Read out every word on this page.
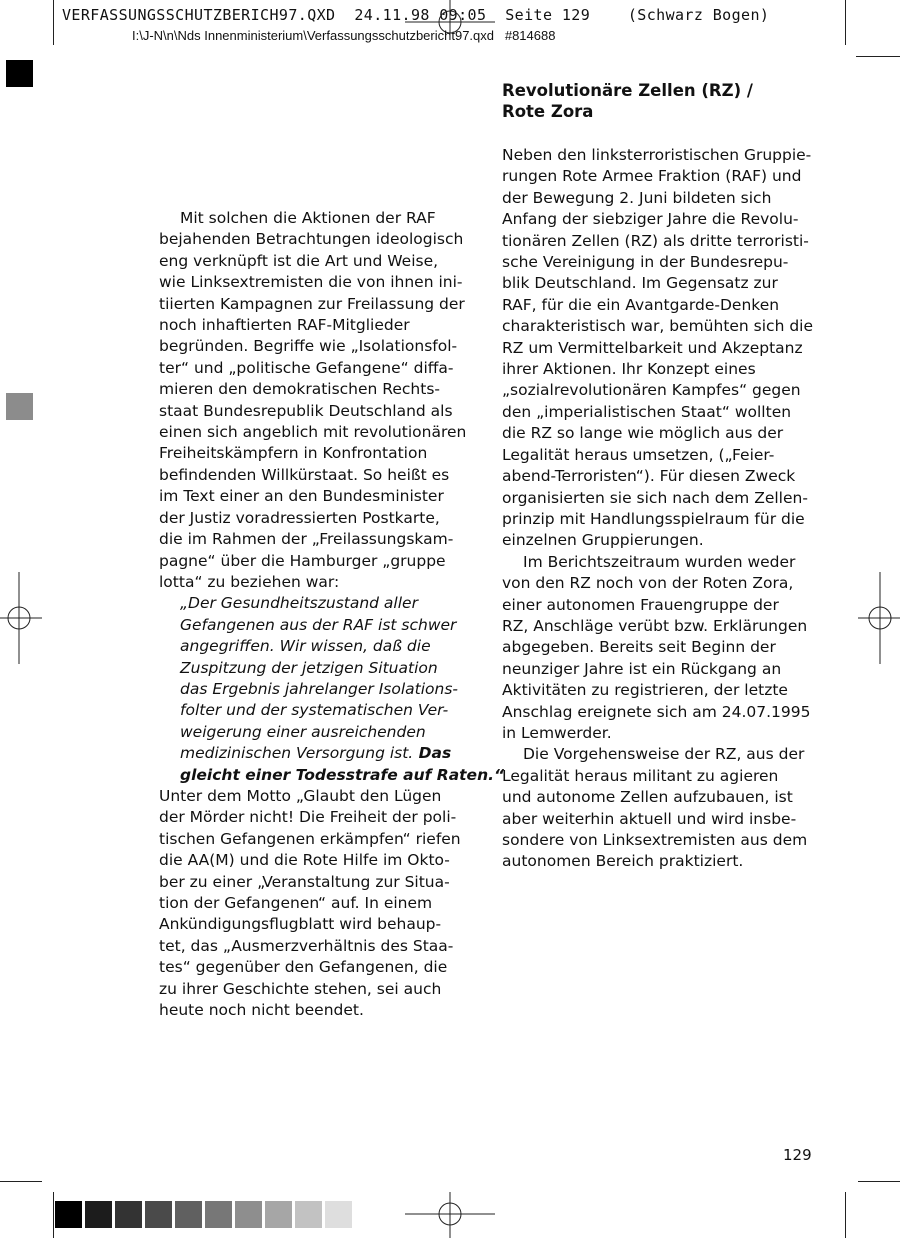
VERFASSUNGSSCHUTZBERICH97.QXD  24.11.98 09:05  Seite 129    (Schwarz Bogen)

I:\J-N\n\Nds Innenministerium\Verfassungsschutzbericht97.qxd   #814688

Mit solchen die Aktionen der RAF
bejahenden Betrachtungen ideologisch
eng verknüpft ist die Art und Weise,
wie Linksextremisten die von ihnen ini-
tiierten Kampagnen zur Freilassung der
noch inhaftierten RAF-Mitglieder
begründen. Begriffe wie „Isolationsfol-
ter“ und „politische Gefangene“ diffa-
mieren den demokratischen Rechts-
staat Bundesrepublik Deutschland als
einen sich angeblich mit revolutionären
Freiheitskämpfern in Konfrontation
befindenden Willkürstaat. So heißt es
im Text einer an den Bundesminister
der Justiz voradressierten Postkarte,
die im Rahmen der „Freilassungskam-
pagne“ über die Hamburger „gruppe
lotta“ zu beziehen war:
„Der Gesundheitszustand aller
Gefangenen aus der RAF ist schwer
angegriffen. Wir wissen, daß die
Zuspitzung der jetzigen Situation
das Ergebnis jahrelanger Isolations-
folter und der systematischen Ver-
weigerung einer ausreichenden
medizinischen Versorgung ist. Das
gleicht einer Todesstrafe auf Raten.“
Unter dem Motto „Glaubt den Lügen
der Mörder nicht! Die Freiheit der poli-
tischen Gefangenen erkämpfen“ riefen
die AA(M) und die Rote Hilfe im Okto-
ber zu einer „Veranstaltung zur Situa-
tion der Gefangenen“ auf. In einem
Ankündigungsflugblatt wird behaup-
tet, das „Ausmerzverhältnis des Staa-
tes“ gegenüber den Gefangenen, die
zu ihrer Geschichte stehen, sei auch
heute noch nicht beendet.
Revolutionäre Zellen (RZ) /
Rote Zora
Neben den linksterroristischen Gruppie-
rungen Rote Armee Fraktion (RAF) und
der Bewegung 2. Juni bildeten sich
Anfang der siebziger Jahre die Revolu-
tionären Zellen (RZ) als dritte terroristi-
sche Vereinigung in der Bundesrepu-
blik Deutschland. Im Gegensatz zur
RAF, für die ein Avantgarde-Denken
charakteristisch war, bemühten sich die
RZ um Vermittelbarkeit und Akzeptanz
ihrer Aktionen. Ihr Konzept eines
„sozialrevolutionären Kampfes“ gegen
den „imperialistischen Staat“ wollten
die RZ so lange wie möglich aus der
Legalität heraus umsetzen, („Feier-
abend-Terroristen“). Für diesen Zweck
organisierten sie sich nach dem Zellen-
prinzip mit Handlungsspielraum für die
einzelnen Gruppierungen.
Im Berichtszeitraum wurden weder
von den RZ noch von der Roten Zora,
einer autonomen Frauengruppe der
RZ, Anschläge verübt bzw. Erklärungen
abgegeben. Bereits seit Beginn der
neunziger Jahre ist ein Rückgang an
Aktivitäten zu registrieren, der letzte
Anschlag ereignete sich am 24.07.1995
in Lemwerder.
Die Vorgehensweise der RZ, aus der
Legalität heraus militant zu agieren
und autonome Zellen aufzubauen, ist
aber weiterhin aktuell und wird insbe-
sondere von Linksextremisten aus dem
autonomen Bereich praktiziert.

129
